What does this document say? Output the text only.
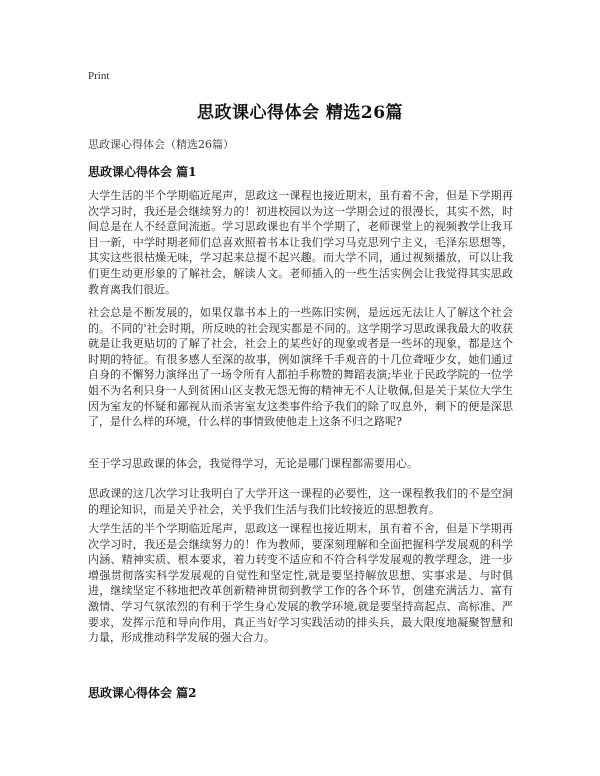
Print
思政课心得体会 精选26篇
思政课心得体会（精选26篇）
思政课心得体会 篇1
大学生活的半个学期临近尾声，思政这一课程也接近期末，虽有着不舍，但是下学期再次学习时，我还是会继续努力的！初进校园以为这一学期会过的很漫长，其实不然，时间总是在人不经意间流逝。学习思政课也有半个学期了，老师课堂上的视频教学让我耳目一新，中学时期老师们总喜欢照着书本让我们学习马克思列宁主义，毛泽东思想等，其实这些很枯燥无味，学习起来总提不起兴趣。而大学不同，通过视频播放，可以让我们更生动更形象的了解社会，解读人文。老师插入的一些生活实例会让我觉得其实思政教育离我们很近。
社会总是不断发展的，如果仅靠书本上的一些陈旧实例，是远远无法让人了解这个社会的。不同的'社会时期，所反映的社会现实都是不同的。这学期学习思政课我最大的收获就是让我更贴切的了解了社会，社会上的某些好的现象或者是一些坏的现象，都是这个时期的特征。有很多感人至深的故事，例如演绎千手观音的十几位聋哑少女，她们通过自身的不懈努力演绎出了一场令所有人都拍手称赞的舞蹈表演;毕业于民政学院的一位学姐不为名利只身一人到贫困山区支教无怨无悔的精神无不人让敬佩,但是关于某位大学生因为室友的怀疑和鄙视从而杀害室友这类事件给予我们的除了叹息外，剩下的便是深思了，是什么样的环境，什么样的事情致使他走上这条不归之路呢?
至于学习思政课的体会，我觉得学习，无论是哪门课程都需要用心。
思政课的这几次学习让我明白了大学开这一课程的必要性，这一课程教我们的不是空洞的理论知识，而是关乎社会，关乎我们生活与我们比较接近的思想教育。
大学生活的半个学期临近尾声，思政这一课程也接近期末，虽有着不舍，但是下学期再次学习时，我还是会继续努力的！作为教师，要深刻理解和全面把握科学发展观的科学内涵、精神实质、根本要求，着力转变不适应和不符合科学发展观的教学理念，进一步增强贯彻落实科学发展观的自觉性和坚定性,就是要坚持解放思想、实事求是、与时俱进，继续坚定不移地把改革创新精神贯彻到教学工作的各个环节，创建充满活力、富有激情、学习气氛浓烈的有利于学生身心发展的教学环境,就是要坚持高起点、高标准、严要求，发挥示范和导向作用，真正当好学习实践活动的排头兵，最大限度地凝聚智慧和力量，形成推动科学发展的强大合力。
思政课心得体会 篇2
